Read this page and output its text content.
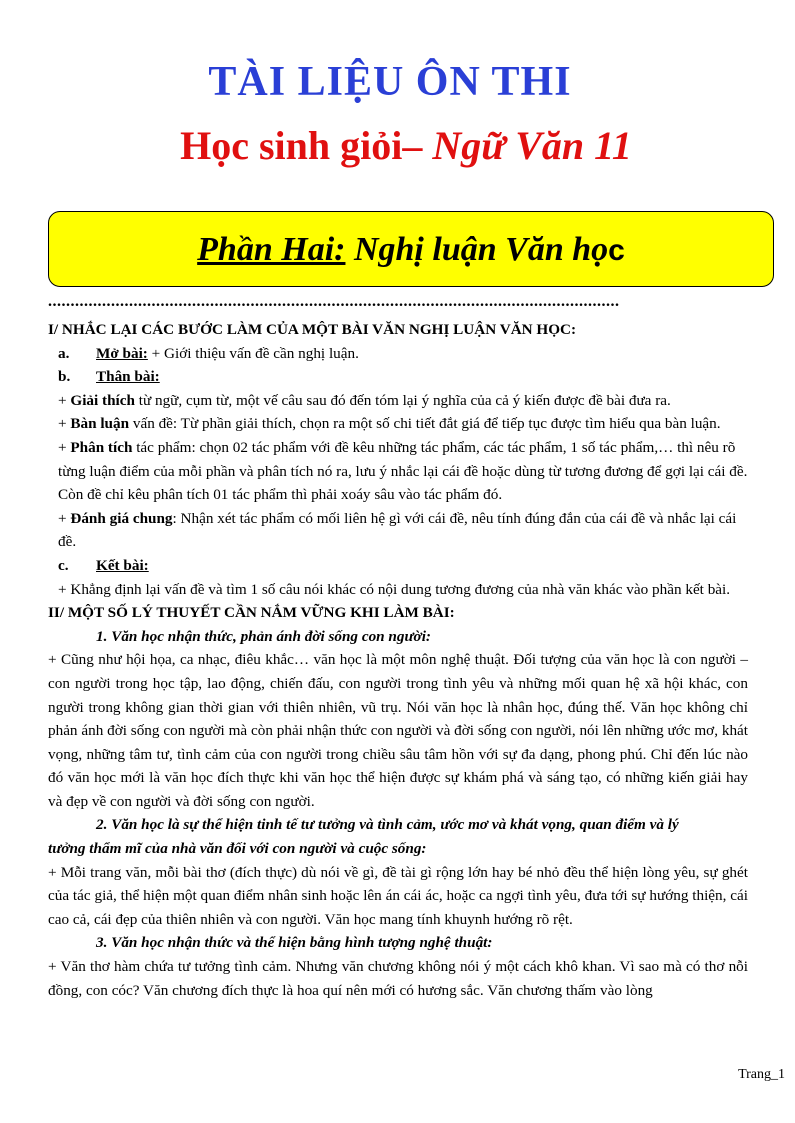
TÀI LIỆU ÔN THI
Học sinh giỏi– Ngữ Văn 11
Phần Hai: Nghị luận Văn học
...............................................................................................................................

I/ NHẮC LẠI CÁC BƯỚC LÀM CỦA MỘT BÀI VĂN NGHỊ LUẬN VĂN HỌC:

a. Mở bài: + Giới thiệu vấn đề cần nghị luận.

b. Thân bài:

+ Giải thích từ ngữ, cụm từ, một vế câu sau đó đến tóm lại ý nghĩa của cả ý kiến được đề bài đưa ra.

+ Bàn luận vấn đề: Từ phần giải thích, chọn ra một số chi tiết đắt giá để tiếp tục được tìm hiểu qua bàn luận.

+ Phân tích tác phẩm: chọn 02 tác phẩm với đề kêu những tác phẩm, các tác phẩm, 1 số tác phẩm,… thì nêu rõ từng luận điểm của mỗi phần và phân tích nó ra, lưu ý nhắc lại cái đề hoặc dùng từ tương đương để gợi lại cái đề. Còn đề chỉ kêu phân tích 01 tác phẩm thì phải xoáy sâu vào tác phẩm đó.

+ Đánh giá chung: Nhận xét tác phẩm có mối liên hệ gì với cái đề, nêu tính đúng đắn của cái đề và nhắc lại cái đề.

c. Kết bài:

+ Khẳng định lại vấn đề và tìm 1 số câu nói khác có nội dung tương đương của nhà văn khác vào phần kết bài.

II/ MỘT SỐ LÝ THUYẾT CẦN NẮM VỮNG KHI LÀM BÀI:

1. Văn học nhận thức, phản ánh đời sống con người:

+ Cũng như hội họa, ca nhạc, điêu khắc… văn học là một môn nghệ thuật. Đối tượng của văn học là con người – con người trong học tập, lao động, chiến đấu, con người trong tình yêu và những mối quan hệ xã hội khác, con người trong không gian thời gian với thiên nhiên, vũ trụ. Nói văn học là nhân học, đúng thế. Văn học không chỉ phản ánh đời sống con người mà còn phải nhận thức con người và đời sống con người, nói lên những ước mơ, khát vọng, những tâm tư, tình cảm của con người trong chiều sâu tâm hồn với sự đa dạng, phong phú. Chỉ đến lúc nào đó văn học mới là văn học đích thực khi văn học thể hiện được sự khám phá và sáng tạo, có những kiến giải hay và đẹp về con người và đời sống con người.

2. Văn học là sự thể hiện tinh tế tư tưởng và tình cảm, ước mơ và khát vọng, quan điểm và lý

tưởng thẩm mĩ của nhà văn đối với con người và cuộc sống:

+ Mỗi trang văn, mỗi bài thơ (đích thực) dù nói về gì, đề tài gì rộng lớn hay bé nhỏ đều thể hiện lòng yêu, sự ghét của tác giả, thể hiện một quan điểm nhân sinh hoặc lên án cái ác, hoặc ca ngợi tình yêu, đưa tới sự hướng thiện, cái cao cả, cái đẹp của thiên nhiên và con người. Văn học mang tính khuynh hướng rõ rệt.

3. Văn học nhận thức và thể hiện bằng hình tượng nghệ thuật:

+ Văn thơ hàm chứa tư tưởng tình cảm. Nhưng văn chương không nói ý một cách khô khan. Vì sao mà có thơ nỗi đồng, con cóc? Văn chương đích thực là hoa quí nên mới có hương sắc. Văn chương thấm vào lòng

Trang_1
